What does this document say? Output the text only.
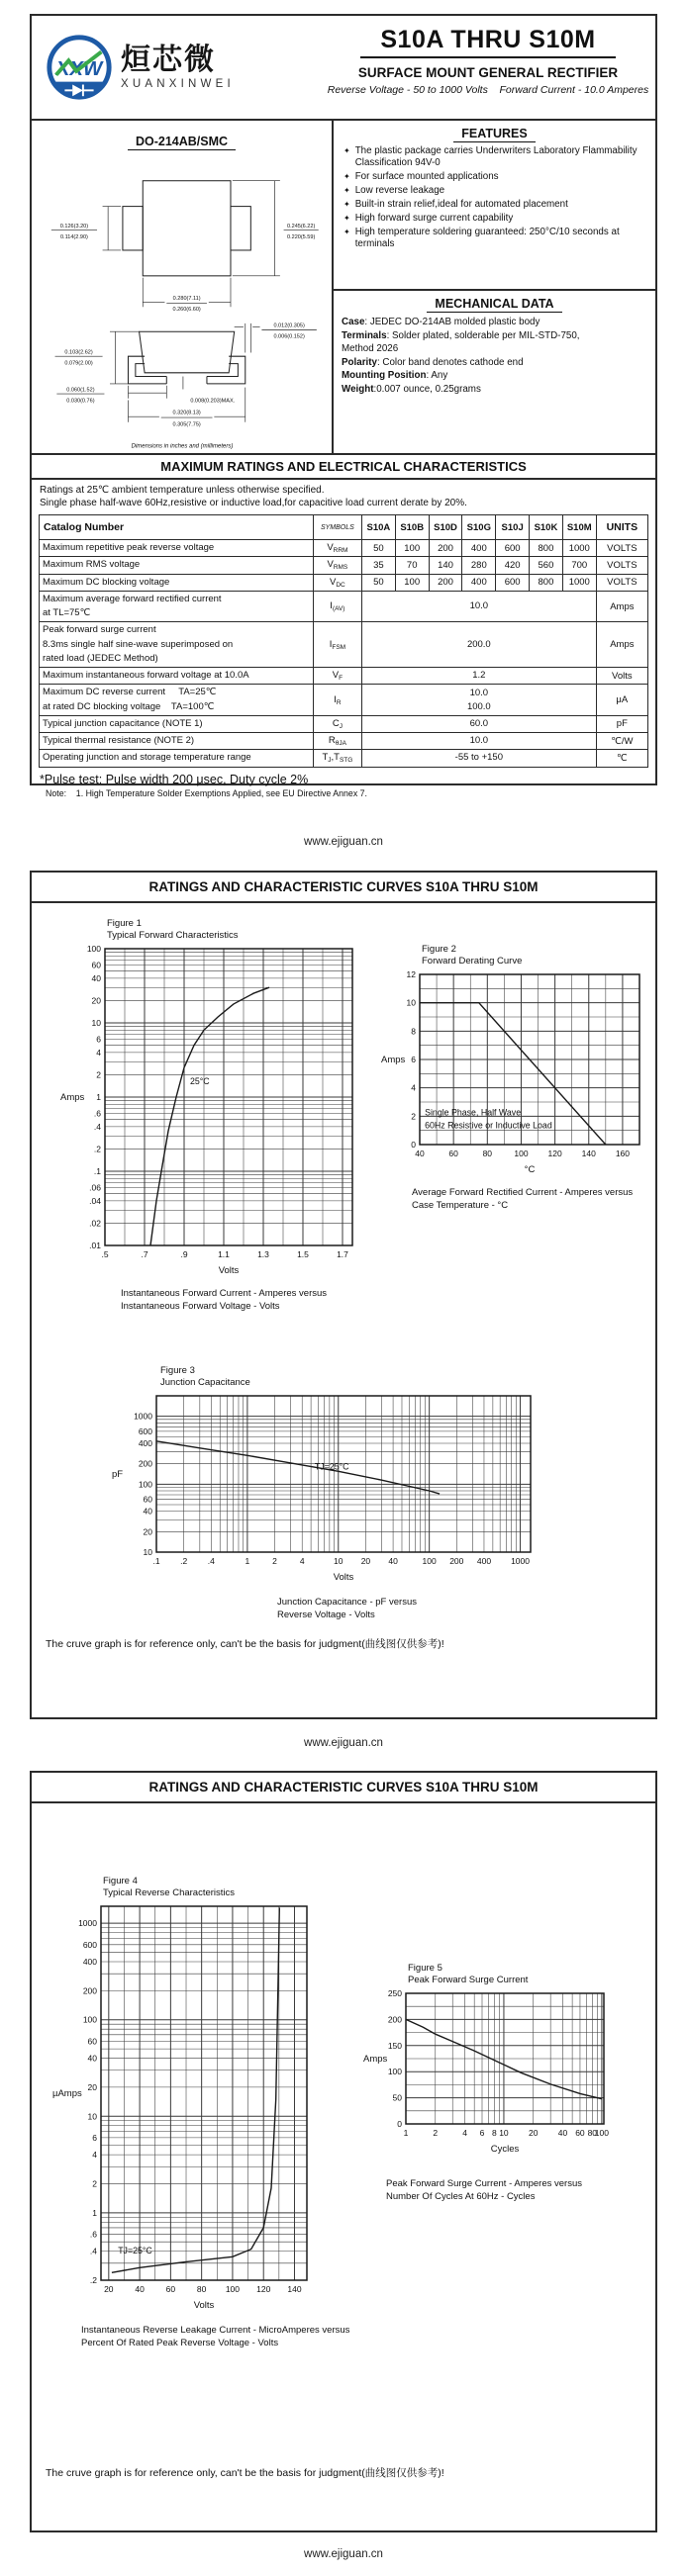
XXW 烜芯微
XUANXINWEI
S10A THRU S10M
SURFACE MOUNT GENERAL RECTIFIER
Reverse Voltage - 50 to 1000 Volts    Forward Current - 10.0 Amperes
DO-214AB/SMC
0.126(3.20)
0.114(2.90)
0.245(6.22)
0.220(5.59)
0.280(7.11)
0.260(6.60)
0.103(2.62)
0.079(2.00)
0.012(0.305)
0.006(0.152)
0.060(1.52)
0.030(0.76)	0.008(0.203)MAX.
0.320(8.13)
0.305(7.75)
Dimensions in inches and (millimeters)
FEATURES
✦ The plastic package carries Underwriters Laboratory Flammability Classification 94V-0
✦ For surface mounted applications
✦ Low reverse leakage
✦ Built-in strain relief,ideal for automated placement
✦ High forward surge current capability
✦ High temperature soldering guaranteed: 250°C/10 seconds at terminals
MECHANICAL DATA
Case: JEDEC DO-214AB molded plastic body
Terminals: Solder plated, solderable per MIL-STD-750,
Method 2026
Polarity: Color band denotes cathode end
Mounting Position: Any
Weight:0.007 ounce, 0.25grams
MAXIMUM RATINGS AND ELECTRICAL CHARACTERISTICS
Ratings at 25℃ ambient temperature unless otherwise specified.
Single phase half-wave 60Hz,resistive or inductive load,for capacitive load current derate by 20%.
Catalog Number	SYMBOLS	S10A	S10B	S10D	S10G	S10J	S10K	S10M	UNITS

Maximum repetitive peak reverse voltage	$V_{RRM}$	50	100	200	400	600	800	1000	VOLTS

Maximum RMS voltage	$V_{RMS}$	35	70	140	280	420	560	700	VOLTS

Maximum DC blocking voltage	$V_{DC}$	50	100	200	400	600	800	1000	VOLTS

Maximum average forward rectified current
at TL=75℃	$I_{(AV)}$	10.0							Amps

Peak forward surge current
8.3ms single half sine-wave superimposed on
rated load (JEDEC Method)	$I_{FSM}$	200.0							Amps

Maximum instantaneous forward voltage at 10.0A	$V_F$	1.2							Volts

Maximum DC reverse current     TA=25℃
at rated DC blocking voltage    TA=100℃
	$I_R$	
10.0
100.0
	μA

Typical junction capacitance (NOTE 1)	$C_J$	60.0							pF

Typical thermal resistance (NOTE 2)	$R_{\theta JA}$	10.0							℃/W

Operating junction and storage temperature range	$T_J,T_{STG}$	-55 to +150							℃
*Pulse test: Pulse width 200 μsec, Duty cycle 2%
Note:    1. High Temperature Solder Exemptions Applied, see EU Directive Annex 7.
www.ejiguan.cn
RATINGS AND CHARACTERISTIC CURVES S10A THRU S10M
Figure 1
Typical Forward Characteristics
.5	.7	.9	1.1	1.3	1.5	1.7
100
60
40
20
10
6
4
2
1
.6
.4
.2
.1
.06
.04
.02
.01
25°C
Amps
Volts
Instantaneous Forward Current - Amperes versus
Instantaneous Forward Voltage - Volts
Figure 2
Forward Derating Curve
40	60	80	100 120 140 160
0
2
4
6
8
10
12
Single Phase, Half Wave
60Hz Resistive or Inductive Load
Amps
°C
Average Forward Rectified Current - Amperes versus
Case Temperature - °C
Figure 3
Junction Capacitance
.1 .2 .4	1	2	4	10 20 40	100 200 400 1000
1000
600
400
200
100
60
40
20
10
TJ=25°C
pF
Volts
Junction Capacitance - pF versus
Reverse Voltage - Volts
The cruve graph is for reference only, can't be the basis for judgment(曲线图仅供参考)!
www.ejiguan.cn
RATINGS AND CHARACTERISTIC CURVES S10A THRU S10M
Figure 4
Typical Reverse Characteristics
20	40	60	80 100 120 140
1000
600
400
200
100
60
40
20
10
6
4
2
1
.6
.4
.2
TJ=25°C
µAmps
Volts
Instantaneous Reverse Leakage Current - MicroAmperes versus
Percent Of Rated Peak Reverse Voltage - Volts
Figure 5
Peak Forward Surge Current
1	2	4 6 8 10 20 40 60 80
100
0
50
100
150
200
250
Amps
Cycles
Peak Forward Surge Current - Amperes versus
Number Of Cycles At 60Hz - Cycles
The cruve graph is for reference only, can't be the basis for judgment(曲线图仅供参考)!
www.ejiguan.cn
